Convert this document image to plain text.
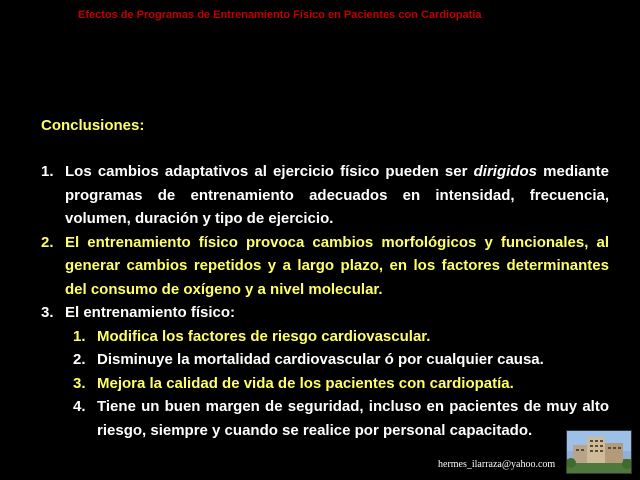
Efectos de Programas de Entrenamiento Físico en Pacientes con Cardiopatía
Conclusiones:
1. Los cambios adaptativos al ejercicio físico pueden ser dirigidos mediante programas de entrenamiento adecuados en intensidad, frecuencia, volumen, duración y tipo de ejercicio.
2. El entrenamiento físico provoca cambios morfológicos y funcionales, al generar cambios repetidos y a largo plazo, en los factores determinantes del consumo de oxígeno y a nivel molecular.
3. El entrenamiento físico:
1. Modifica los factores de riesgo cardiovascular.
2. Disminuye la mortalidad cardiovascular ó por cualquier causa.
3. Mejora la calidad de vida de los pacientes con cardiopatía.
4. Tiene un buen margen de seguridad, incluso en pacientes de muy alto riesgo, siempre y cuando se realice por personal capacitado.
hermes_ilarraza@yahoo.com
